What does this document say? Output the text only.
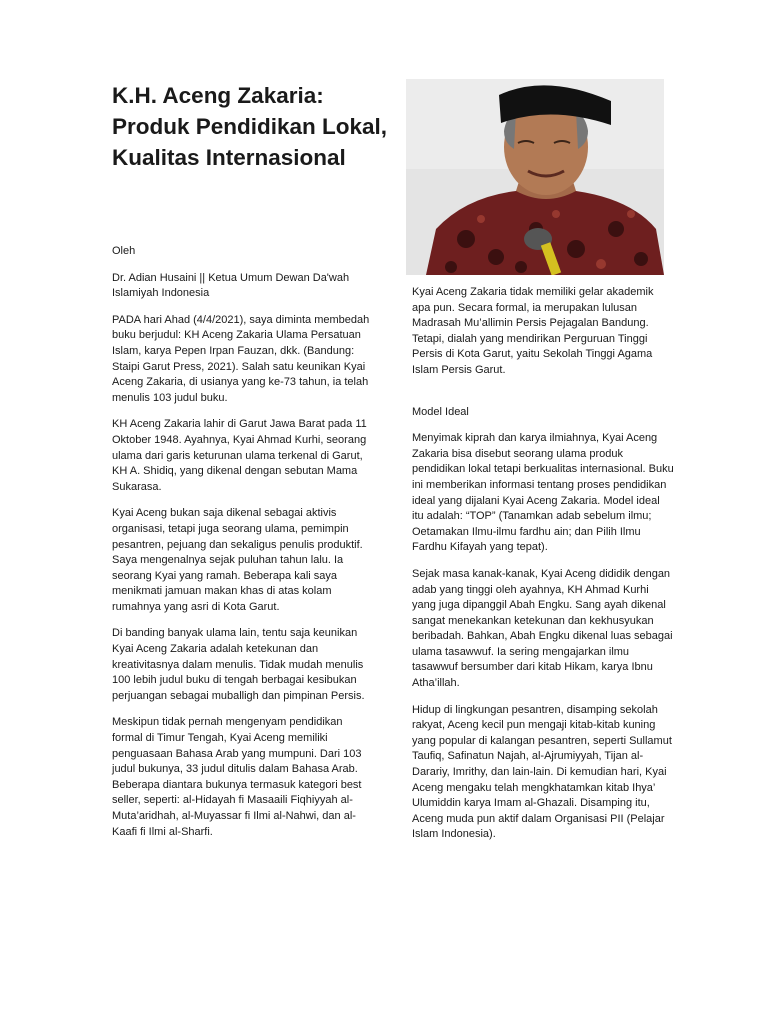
K.H. Aceng Zakaria: Produk Pendidikan Lokal, Kualitas Internasional

Oleh

Dr. Adian Husaini || Ketua Umum Dewan Da'wah Islamiyah Indonesia

PADA hari Ahad (4/4/2021), saya diminta membedah buku berjudul: KH Aceng Zakaria Ulama Persatuan Islam, karya Pepen Irpan Fauzan, dkk. (Bandung: Staipi Garut Press, 2021). Salah satu keunikan Kyai Aceng Zakaria, di usianya yang ke-73 tahun, ia telah menulis 103 judul buku.

KH Aceng Zakaria lahir di Garut Jawa Barat pada 11 Oktober 1948. Ayahnya, Kyai Ahmad Kurhi, seorang ulama dari garis keturunan ulama terkenal di Garut, KH A. Shidiq, yang dikenal dengan sebutan Mama Sukarasa.

Kyai Aceng bukan saja dikenal sebagai aktivis organisasi, tetapi juga seorang ulama, pemimpin pesantren, pejuang dan sekaligus penulis produktif. Saya mengenalnya sejak puluhan tahun lalu. Ia seorang Kyai yang ramah. Beberapa kali saya menikmati jamuan makan khas di atas kolam rumahnya yang asri di Kota Garut.

Di banding banyak ulama lain, tentu saja keunikan Kyai Aceng Zakaria adalah ketekunan dan kreativitasnya dalam menulis. Tidak mudah menulis 100 lebih judul buku di tengah berbagai kesibukan perjuangan sebagai muballigh dan pimpinan Persis.

Meskipun tidak pernah mengenyam pendidikan formal di Timur Tengah, Kyai Aceng memiliki penguasaan Bahasa Arab yang mumpuni. Dari 103 judul bukunya, 33 judul ditulis dalam Bahasa Arab. Beberapa diantara bukunya termasuk kategori best seller, seperti: al-Hidayah fi Masaaili Fiqhiyyah al-Muta’aridhah, al-Muyassar fi Ilmi al-Nahwi, dan al-Kaafi fi Ilmi al-Sharfi.

Kyai Aceng Zakaria tidak memiliki gelar akademik apa pun. Secara formal, ia merupakan lulusan Madrasah Mu’allimin Persis Pejagalan Bandung. Tetapi, dialah yang mendirikan Perguruan Tinggi Persis di Kota Garut, yaitu Sekolah Tinggi Agama Islam Persis Garut.

Model Ideal

Menyimak kiprah dan karya ilmiahnya, Kyai Aceng Zakaria bisa disebut seorang ulama produk pendidikan lokal tetapi berkualitas internasional. Buku ini memberikan informasi tentang proses pendidikan ideal yang dijalani Kyai Aceng Zakaria. Model ideal itu adalah: “TOP” (Tanamkan adab sebelum ilmu; Oetamakan Ilmu-ilmu fardhu ain; dan Pilih Ilmu Fardhu Kifayah yang tepat).

Sejak masa kanak-kanak, Kyai Aceng dididik dengan adab yang tinggi oleh ayahnya, KH Ahmad Kurhi yang juga dipanggil Abah Engku. Sang ayah dikenal sangat menekankan ketekunan dan kekhusyukan beribadah. Bahkan, Abah Engku dikenal luas sebagai ulama tasawwuf. Ia sering mengajarkan ilmu tasawwuf bersumber dari kitab Hikam, karya Ibnu Atha’illah.

Hidup di lingkungan pesantren, disamping sekolah rakyat, Aceng kecil pun mengaji kitab-kitab kuning yang popular di kalangan pesantren, seperti Sullamut Taufiq, Safinatun Najah, al-Ajrumiyyah, Tijan al-Darariy, Imrithy, dan lain-lain. Di kemudian hari, Kyai Aceng mengaku telah mengkhatamkan kitab Ihya’ Ulumiddin karya Imam al-Ghazali. Disamping itu, Aceng muda pun aktif dalam Organisasi PII (Pelajar Islam Indonesia).
